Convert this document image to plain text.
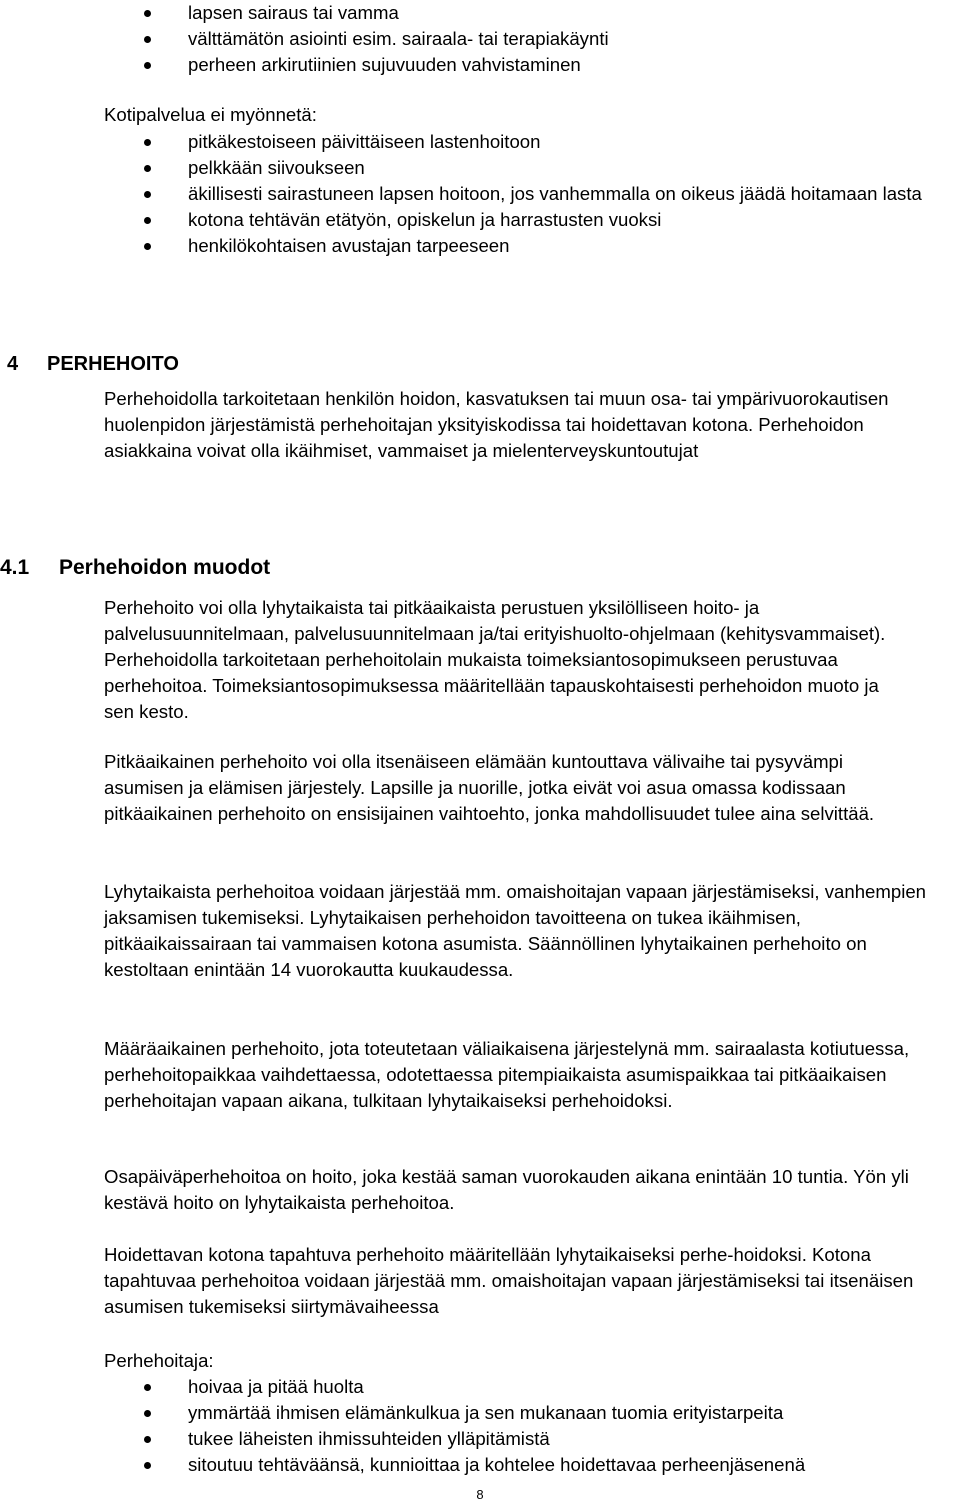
lapsen sairaus tai vamma
välttämätön asiointi esim. sairaala- tai terapiakäynti
perheen arkirutiinien sujuvuuden vahvistaminen

Kotipalvelua ei myönnetä:

pitkäkestoiseen päivittäiseen lastenhoitoon
pelkkään siivoukseen
äkillisesti sairastuneen lapsen hoitoon, jos vanhemmalla on oikeus jäädä hoitamaan lasta
kotona tehtävän etätyön, opiskelun ja harrastusten vuoksi
henkilökohtaisen avustajan tarpeeseen
4 PERHEHOITO

Perhehoidolla tarkoitetaan henkilön hoidon, kasvatuksen tai muun osa- tai ympärivuorokautisen huolenpidon järjestämistä perhehoitajan yksityiskodissa tai hoidettavan kotona. Perhehoidon asiakkaina voivat olla ikäihmiset, vammaiset ja mielenterveyskuntoutujat

4.1 Perhehoidon muodot

Perhehoito voi olla lyhytaikaista tai pitkäaikaista perustuen yksilölliseen hoito- ja palvelusuunnitelmaan, palvelusuunnitelmaan ja/tai erityishuolto-ohjelmaan (kehitysvammaiset). Perhehoidolla tarkoitetaan perhehoitolain mukaista toimeksiantosopimukseen perustuvaa perhehoitoa. Toimeksiantosopimuksessa määritellään tapauskohtaisesti perhehoidon muoto ja sen kesto.

Pitkäaikainen perhehoito voi olla itsenäiseen elämään kuntouttava välivaihe tai pysyvämpi asumisen ja elämisen järjestely. Lapsille ja nuorille, jotka eivät voi asua omassa kodissaan pitkäaikainen perhehoito on ensisijainen vaihtoehto, jonka mahdollisuudet tulee aina selvittää.

Lyhytaikaista perhehoitoa voidaan järjestää mm. omaishoitajan vapaan järjestämiseksi, vanhempien jaksamisen tukemiseksi. Lyhytaikaisen perhehoidon tavoitteena on tukea ikäihmisen, pitkäaikaissairaan tai vammaisen kotona asumista. Säännöllinen lyhytaikainen perhehoito on kestoltaan enintään 14 vuorokautta kuukaudessa.

Määräaikainen perhehoito, jota toteutetaan väliaikaisena järjestelynä mm. sairaalasta kotiutuessa, perhehoitopaikkaa vaihdettaessa, odotettaessa pitempiaikaista asumispaikkaa tai pitkäaikaisen perhehoitajan vapaan aikana, tulkitaan lyhytaikaiseksi perhehoidoksi.

Osapäiväperhehoitoa on hoito, joka kestää saman vuorokauden aikana enintään 10 tuntia. Yön yli kestävä hoito on lyhytaikaista perhehoitoa.

Hoidettavan kotona tapahtuva perhehoito määritellään lyhytaikaiseksi perhe-hoidoksi. Kotona tapahtuvaa perhehoitoa voidaan järjestää mm. omaishoitajan vapaan järjestämiseksi tai itsenäisen asumisen tukemiseksi siirtymävaiheessa

Perhehoitaja:

hoivaa ja pitää huolta
ymmärtää ihmisen elämänkulkua ja sen mukanaan tuomia erityistarpeita
tukee läheisten ihmissuhteiden ylläpitämistä
sitoutuu tehtäväänsä, kunnioittaa ja kohtelee hoidettavaa perheenjäsenenä
8
